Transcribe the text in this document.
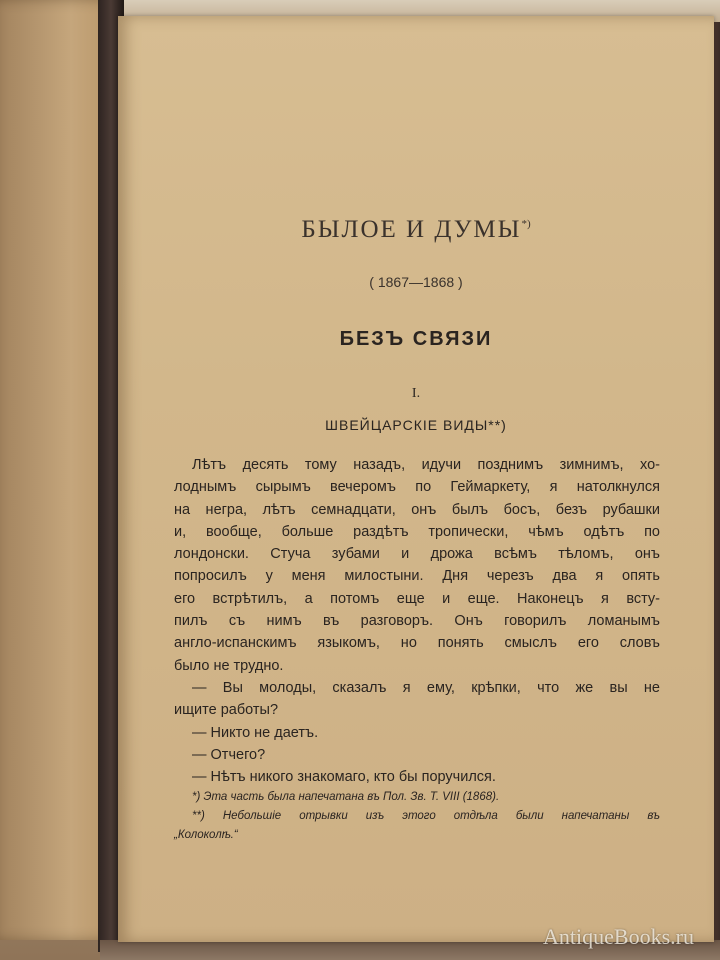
БЫЛОЕ И ДУМЫ*)
( 1867—1868 )
БЕЗЪ СВЯЗИ
I.
ШВЕЙЦАРСКІЕ ВИДЫ**)
Лѣтъ десять тому назадъ, идучи позднимъ зимнимъ, хо-
лоднымъ сырымъ вечеромъ по Геймаркету, я натолкнулся
на негра, лѣтъ семнадцати, онъ былъ босъ, безъ рубашки
и, вообще, больше раздѣтъ тропически, чѣмъ одѣтъ по
лондонски. Стуча зубами и дрожа всѣмъ тѣломъ, онъ
попросилъ у меня милостыни. Дня черезъ два я опять
его встрѣтилъ, а потомъ еще и еще. Наконецъ я всту-
пилъ съ нимъ въ разговоръ. Онъ говорилъ ломанымъ
англо-испанскимъ языкомъ, но понять смыслъ его словъ
было не трудно.
— Вы молоды, сказалъ я ему, крѣпки, что же вы не
ищите работы?
— Никто не даетъ.
— Отчего?
— Нѣтъ никого знакомаго, кто бы поручился.
*) Эта часть была напечатана въ Пол. Зв. Т. VIII (1868).
**) Небольшіе отрывки изъ этого отдѣла были напечатаны въ
„Колоколѣ.“
AntiqueBooks.ru
